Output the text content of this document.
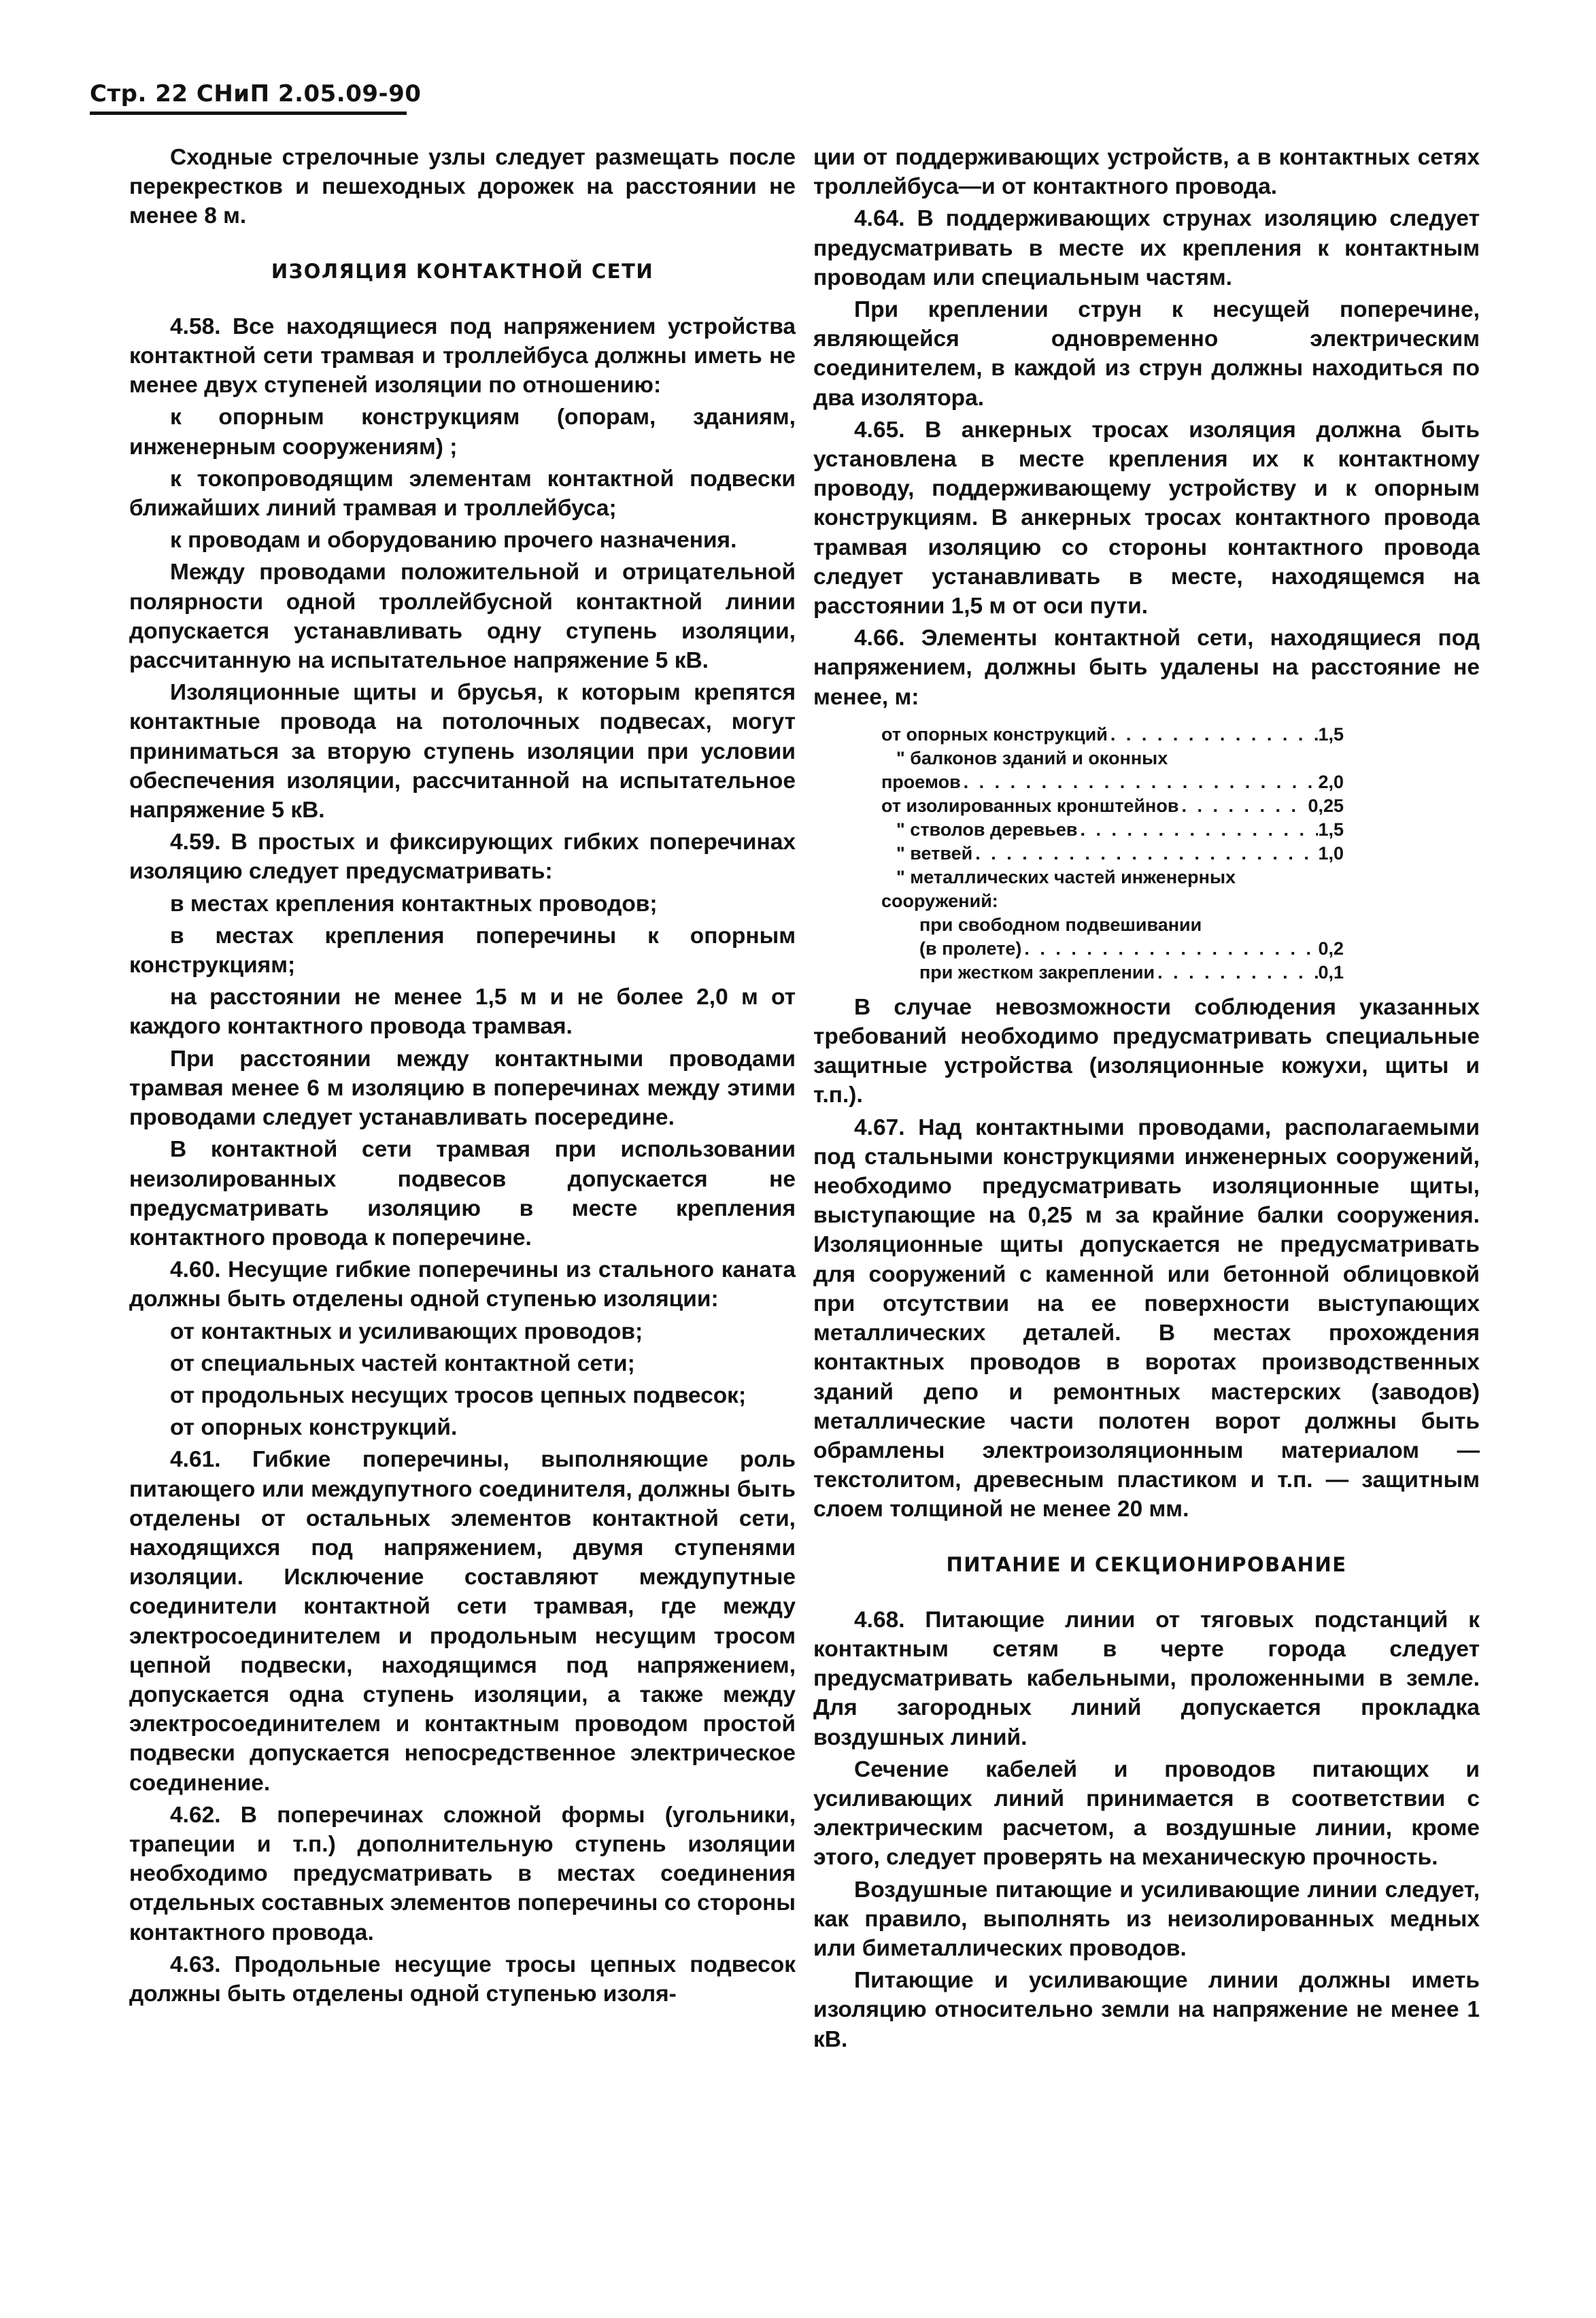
Стр. 22 СНиП 2.05.09-90

Сходные стрелочные узлы следует размещать после перекрестков и пешеходных дорожек на расстоянии не менее 8 м.

ИЗОЛЯЦИЯ КОНТАКТНОЙ СЕТИ

4.58. Все находящиеся под напряжением устройства контактной сети трамвая и троллейбуса должны иметь не менее двух ступеней изоляции по отношению:

к опорным конструкциям (опорам, зданиям, инженерным сооружениям) ;

к токопроводящим элементам контактной подвески ближайших линий трамвая и троллейбуса;

к проводам и оборудованию прочего назначения.

Между проводами положительной и отрицательной полярности одной троллейбусной контактной линии допускается устанавливать одну ступень изоляции, рассчитанную на испытательное напряжение 5 кВ.

Изоляционные щиты и брусья, к которым крепятся контактные провода на потолочных подвесах, могут приниматься за вторую ступень изоляции при условии обеспечения изоляции, рассчитанной на испытательное напряжение 5 кВ.

4.59. В простых и фиксирующих гибких поперечинах изоляцию следует предусматривать:

в местах крепления контактных проводов;

в местах крепления поперечины к опорным конструкциям;

на расстоянии не менее 1,5 м и не более 2,0 м от каждого контактного провода трамвая.

При расстоянии между контактными проводами трамвая менее 6 м изоляцию в поперечинах между этими проводами следует устанавливать посередине.

В контактной сети трамвая при использовании неизолированных подвесов допускается не предусматривать изоляцию в месте крепления контактного провода к поперечине.

4.60. Несущие гибкие поперечины из стального каната должны быть отделены одной ступенью изоляции:

от контактных и усиливающих проводов;

от специальных частей контактной сети;

от продольных несущих тросов цепных подвесок;

от опорных конструкций.

4.61. Гибкие поперечины, выполняющие роль питающего или междупутного соединителя, должны быть отделены от остальных элементов контактной сети, находящихся под напряжением, двумя ступенями изоляции. Исключение составляют междупутные соединители контактной сети трамвая, где между электросоединителем и продольным несущим тросом цепной подвески, находящимся под напряжением, допускается одна ступень изоляции, а также между электросоединителем и контактным проводом простой подвески допускается непосредственное электрическое соединение.

4.62. В поперечинах сложной формы (угольники, трапеции и т.п.) дополнительную ступень изоляции необходимо предусматривать в местах соединения отдельных составных элементов поперечины со стороны контактного провода.

4.63. Продольные несущие тросы цепных подвесок должны быть отделены одной ступенью изоля-

ции от поддерживающих устройств, а в контактных сетях троллейбуса—и от контактного провода.

4.64. В поддерживающих струнах изоляцию следует предусматривать в месте их крепления к контактным проводам или специальным частям.

При креплении струн к несущей поперечине, являющейся одновременно электрическим соединителем, в каждой из струн должны находиться по два изолятора.

4.65. В анкерных тросах изоляция должна быть установлена в месте крепления их к контактному проводу, поддерживающему устройству и к опорным конструкциям. В анкерных тросах контактного провода трамвая изоляцию со стороны контактного провода следует устанавливать в месте, находящемся на расстоянии 1,5 м от оси пути.

4.66. Элементы контактной сети, находящиеся под напряжением, должны быть удалены на расстояние не менее, м:

от опорных конструкций . . .	1,5
" балконов зданий и оконных
проемов . . .	2,0
от изолированных кронштейнов . . .	0,25
" стволов деревьев . . .	1,5
" ветвей . . .	1,0
" металлических частей инженерных
сооружений:
при свободном подвешивании
(в пролете) . . .	0,2
при жестком закреплении . . .	0,1

В случае невозможности соблюдения указанных требований необходимо предусматривать специальные защитные устройства (изоляционные кожухи, щиты и т.п.).

4.67. Над контактными проводами, располагаемыми под стальными конструкциями инженерных сооружений, необходимо предусматривать изоляционные щиты, выступающие на 0,25 м за крайние балки сооружения. Изоляционные щиты допускается не предусматривать для сооружений с каменной или бетонной облицовкой при отсутствии на ее поверхности выступающих металлических деталей. В местах прохождения контактных проводов в воротах производственных зданий депо и ремонтных мастерских (заводов) металлические части полотен ворот должны быть обрамлены электроизоляционным материалом — текстолитом, древесным пластиком и т.п. — защитным слоем толщиной не менее 20 мм.

ПИТАНИЕ И СЕКЦИОНИРОВАНИЕ

4.68. Питающие линии от тяговых подстанций к контактным сетям в черте города следует предусматривать кабельными, проложенными в земле. Для загородных линий допускается прокладка воздушных линий.

Сечение кабелей и проводов питающих и усиливающих линий принимается в соответствии с электрическим расчетом, а воздушные линии, кроме этого, следует проверять на механическую прочность.

Воздушные питающие и усиливающие линии следует, как правило, выполнять из неизолированных медных или биметаллических проводов.

Питающие и усиливающие линии должны иметь изоляцию относительно земли на напряжение не менее 1 кВ.
